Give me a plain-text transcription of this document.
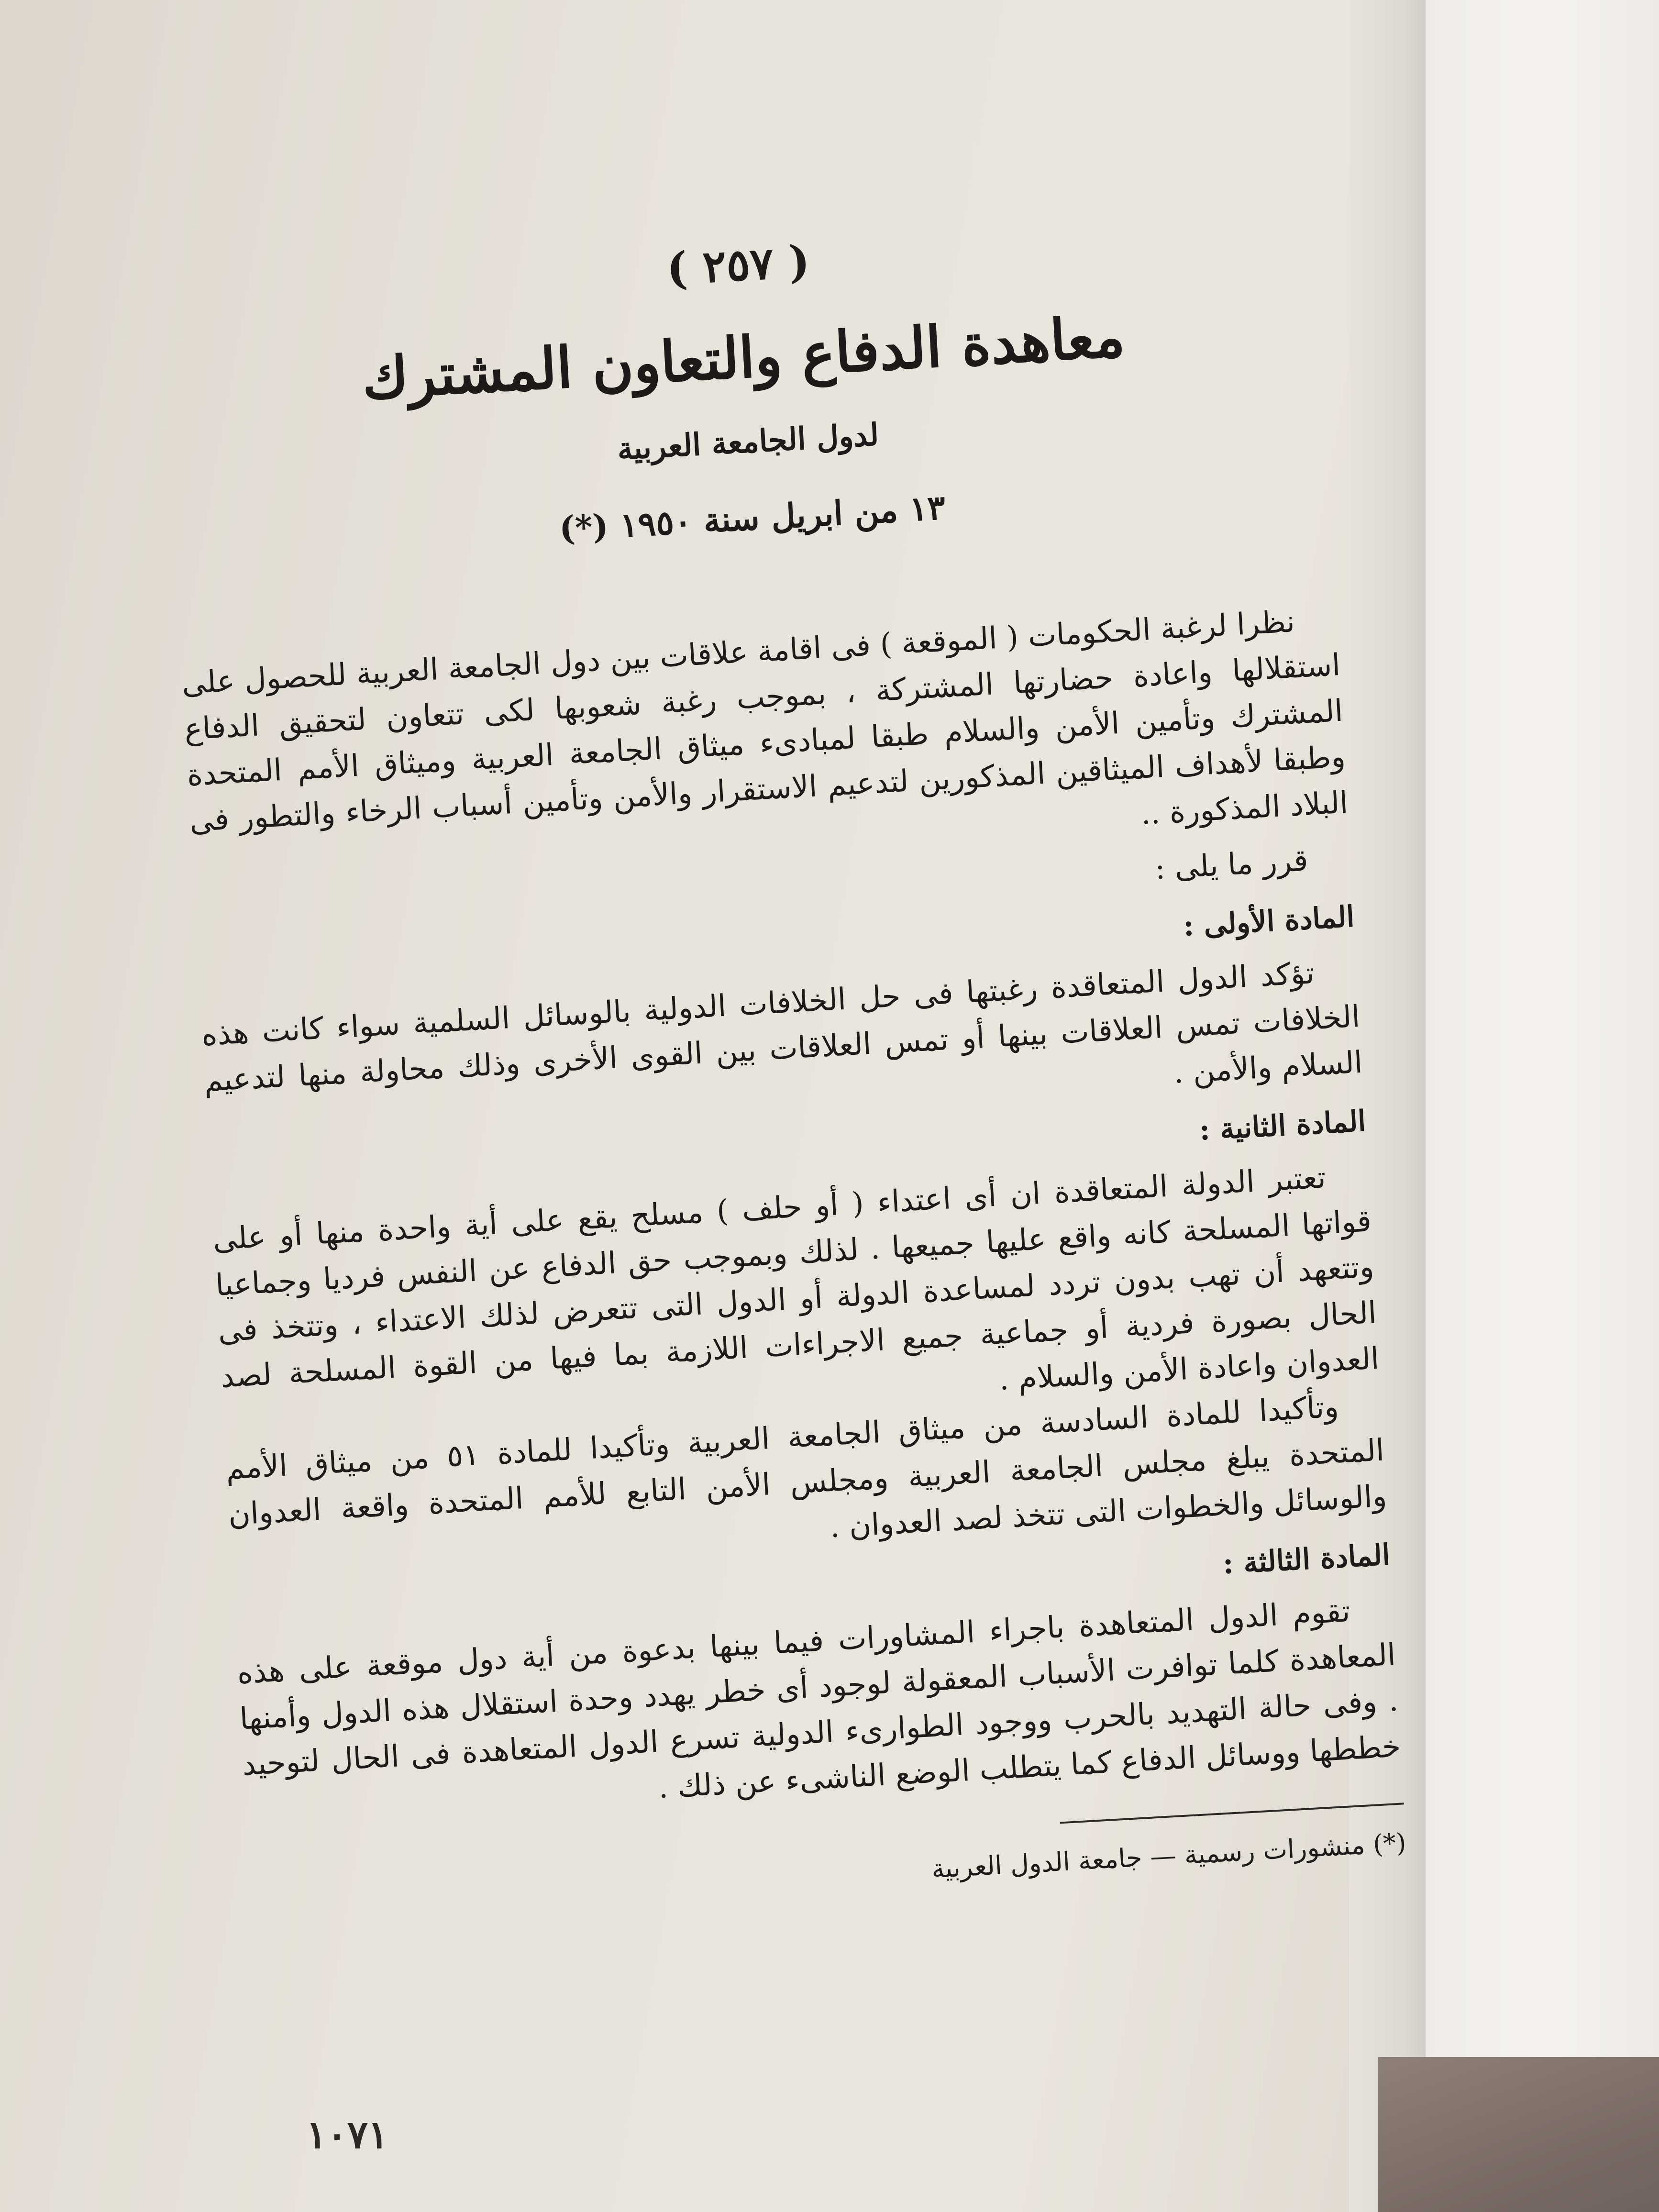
( ٢٥٧ )
معاهدة الدفاع والتعاون المشترك
لدول الجامعة العربية
١٣ من ابريل سنة ١٩٥٠ (*)

نظرا لرغبة الحكومات ( الموقعة ) فى اقامة علاقات بين دول الجامعة العربية للحصول على استقلالها واعادة حضارتها المشتركة ، بموجب رغبة شعوبها لكى تتعاون لتحقيق الدفاع المشترك وتأمين الأمن والسلام طبقا لمبادىء ميثاق الجامعة العربية وميثاق الأمم المتحدة وطبقا لأهداف الميثاقين المذكورين لتدعيم الاستقرار والأمن وتأمين أسباب الرخاء والتطور فى البلاد المذكورة ..

قرر ما يلى :

المادة الأولى :

تؤكد الدول المتعاقدة رغبتها فى حل الخلافات الدولية بالوسائل السلمية سواء كانت هذه الخلافات تمس العلاقات بينها أو تمس العلاقات بين القوى الأخرى وذلك محاولة منها لتدعيم السلام والأمن .

المادة الثانية :

تعتبر الدولة المتعاقدة ان أى اعتداء ( أو حلف ) مسلح يقع على أية واحدة منها أو على قواتها المسلحة كانه واقع عليها جميعها . لذلك وبموجب حق الدفاع عن النفس فرديا وجماعيا وتتعهد أن تهب بدون تردد لمساعدة الدولة أو الدول التى تتعرض لذلك الاعتداء ، وتتخذ فى الحال بصورة فردية أو جماعية جميع الاجراءات اللازمة بما فيها من القوة المسلحة لصد العدوان واعادة الأمن والسلام .

وتأكيدا للمادة السادسة من ميثاق الجامعة العربية وتأكيدا للمادة ٥١ من ميثاق الأمم المتحدة يبلغ مجلس الجامعة العربية ومجلس الأمن التابع للأمم المتحدة واقعة العدوان والوسائل والخطوات التى تتخذ لصد العدوان .

المادة الثالثة :

تقوم الدول المتعاهدة باجراء المشاورات فيما بينها بدعوة من أية دول موقعة على هذه المعاهدة كلما توافرت الأسباب المعقولة لوجود أى خطر يهدد وحدة استقلال هذه الدول وأمنها . وفى حالة التهديد بالحرب ووجود الطوارىء الدولية تسرع الدول المتعاهدة فى الحال لتوحيد خططها ووسائل الدفاع كما يتطلب الوضع الناشىء عن ذلك .

(*) منشورات رسمية — جامعة الدول العربية
١٠٧١
